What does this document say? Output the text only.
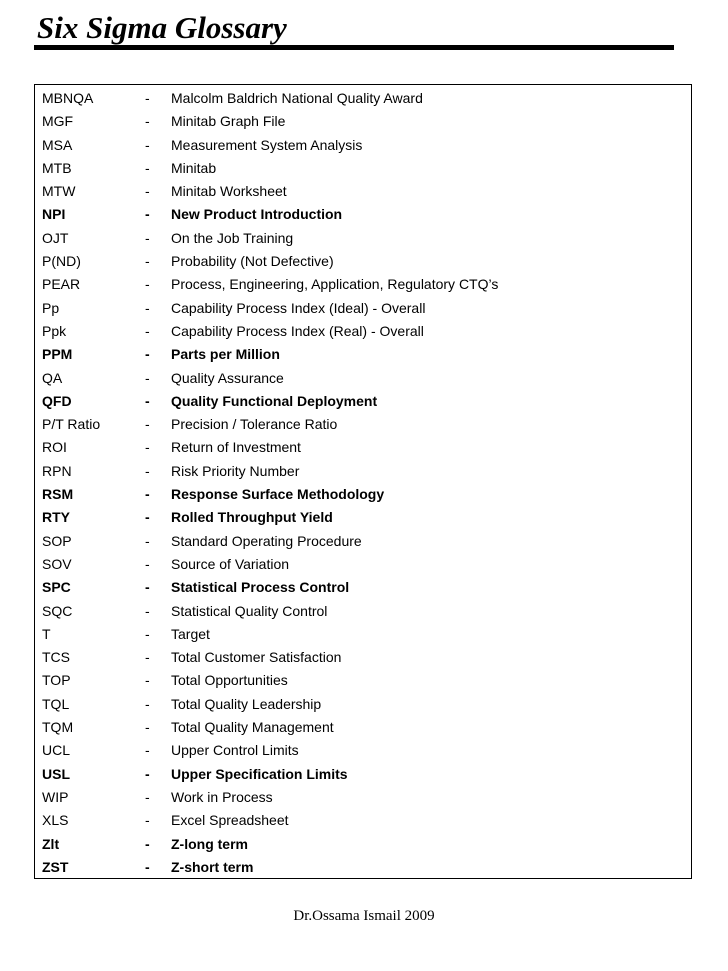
Six Sigma Glossary
MBNQA	- Malcolm Baldrich National Quality Award
MGF	- Minitab Graph File
MSA	- Measurement System Analysis
MTB	- Minitab
MTW	- Minitab Worksheet
NPI	- New Product Introduction
OJT	- On the Job Training
P(ND)	- Probability (Not Defective)
PEAR	- Process, Engineering, Application, Regulatory CTQ’s
Pp	- Capability Process Index (Ideal) - Overall
Ppk	- Capability Process Index (Real) - Overall
PPM	- Parts per Million
QA	- Quality Assurance
QFD	- Quality Functional Deployment
P/T Ratio	- Precision / Tolerance Ratio
ROI	- Return of Investment
RPN	- Risk Priority Number
RSM	- Response Surface Methodology
RTY	- Rolled Throughput Yield
SOP	- Standard Operating Procedure
SOV	- Source of Variation
SPC	- Statistical Process Control
SQC	- Statistical Quality Control
T	- Target
TCS	- Total Customer Satisfaction
TOP	- Total Opportunities
TQL	- Total Quality Leadership
TQM	- Total Quality Management
UCL	- Upper Control Limits
USL	- Upper Specification Limits
WIP	- Work in Process
XLS	- Excel Spreadsheet
Zlt	- Z-long term
ZST	- Z-short term
Dr.Ossama Ismail 2009
